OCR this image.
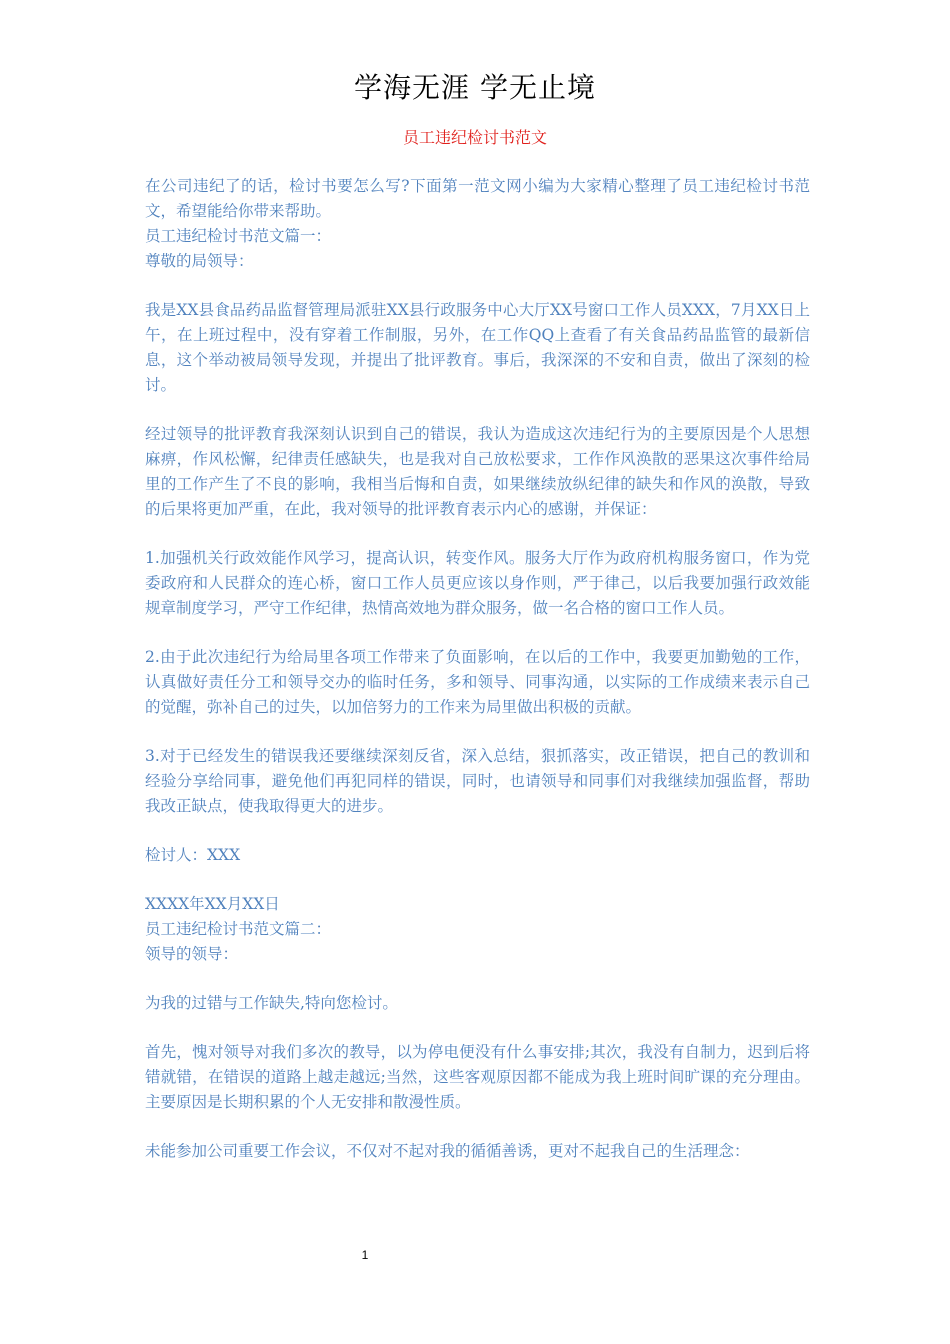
学海无涯 学无止境
员工违纪检讨书范文

在公司违纪了的话，检讨书要怎么写?下面第一范文网小编为大家精心整理了员工违纪检讨书范文，希望能给你带来帮助。

员工违纪检讨书范文篇一：

尊敬的局领导：

我是XX县食品药品监督管理局派驻XX县行政服务中心大厅XX号窗口工作人员XXX，7月XX日上午，在上班过程中，没有穿着工作制服，另外，在工作QQ上查看了有关食品药品监管的最新信息，这个举动被局领导发现，并提出了批评教育。事后，我深深的不安和自责，做出了深刻的检讨。

经过领导的批评教育我深刻认识到自己的错误，我认为造成这次违纪行为的主要原因是个人思想麻痹，作风松懈，纪律责任感缺失，也是我对自己放松要求，工作作风涣散的恶果这次事件给局里的工作产生了不良的影响，我相当后悔和自责，如果继续放纵纪律的缺失和作风的涣散，导致的后果将更加严重，在此，我对领导的批评教育表示内心的感谢，并保证：

1.加强机关行政效能作风学习，提高认识，转变作风。服务大厅作为政府机构服务窗口，作为党委政府和人民群众的连心桥，窗口工作人员更应该以身作则，严于律己，以后我要加强行政效能规章制度学习，严守工作纪律，热情高效地为群众服务，做一名合格的窗口工作人员。

2.由于此次违纪行为给局里各项工作带来了负面影响，在以后的工作中，我要更加勤勉的工作，认真做好责任分工和领导交办的临时任务，多和领导、同事沟通，以实际的工作成绩来表示自己的觉醒，弥补自己的过失，以加倍努力的工作来为局里做出积极的贡献。

3.对于已经发生的错误我还要继续深刻反省，深入总结，狠抓落实，改正错误，把自己的教训和经验分享给同事，避免他们再犯同样的错误，同时，也请领导和同事们对我继续加强监督，帮助我改正缺点，使我取得更大的进步。

检讨人：XXX

XXXX年XX月XX日

员工违纪检讨书范文篇二：

领导的领导：

为我的过错与工作缺失,特向您检讨。

首先，愧对领导对我们多次的教导，以为停电便没有什么事安排;其次，我没有自制力，迟到后将错就错，在错误的道路上越走越远;当然，这些客观原因都不能成为我上班时间旷课的充分理由。主要原因是长期积累的个人无安排和散漫性质。

未能参加公司重要工作会议，不仅对不起对我的循循善诱，更对不起我自己的生活理念：

1
